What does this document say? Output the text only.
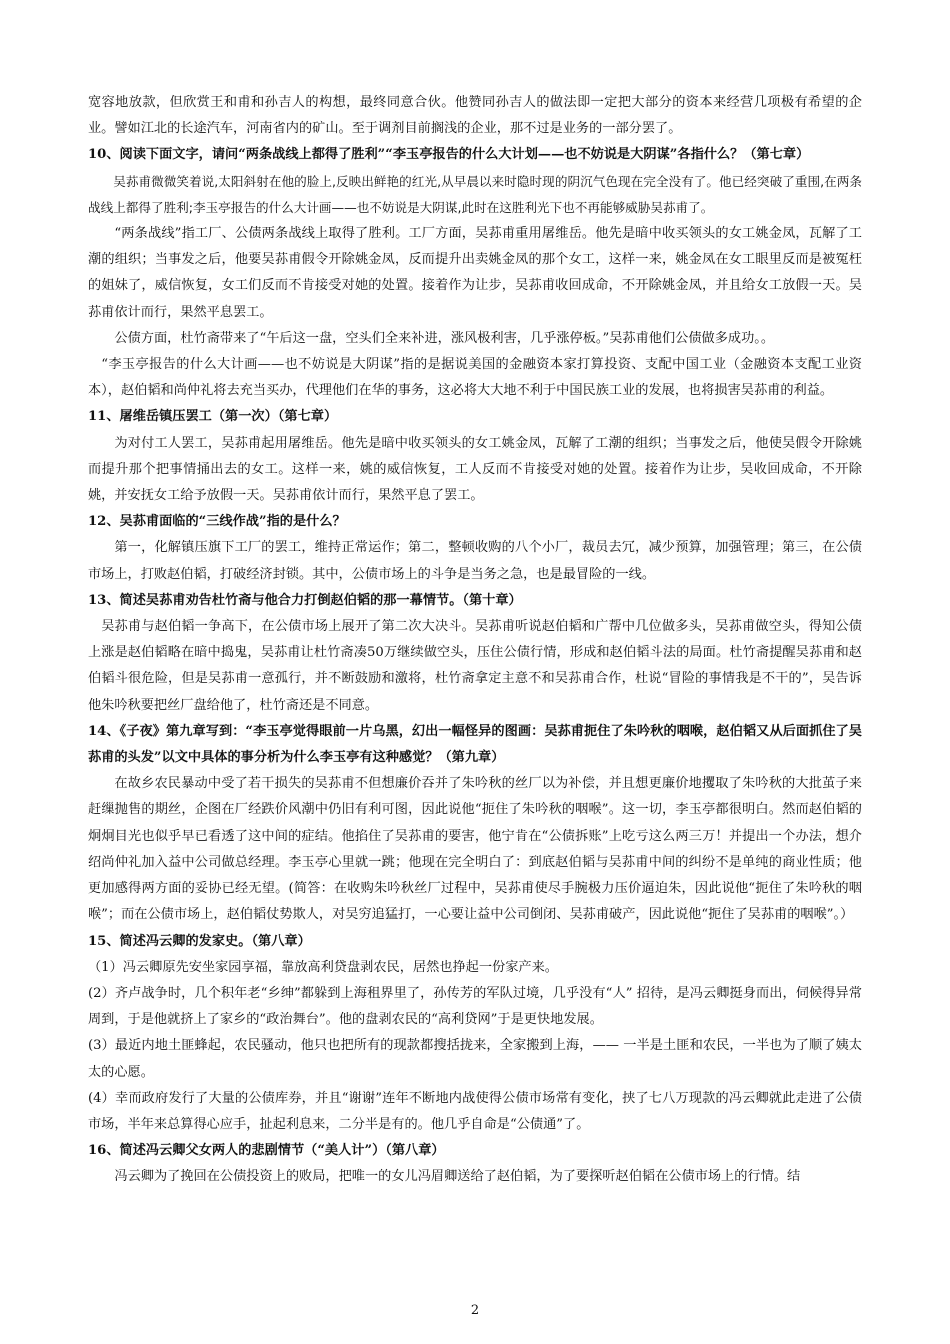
宽容地放款，但欣赏王和甫和孙吉人的构想，最终同意合伙。他赞同孙吉人的做法即一定把大部分的资本来经营几项极有希望的企业。譬如江北的长途汽车，河南省内的矿山。至于调剂目前搁浅的企业，那不过是业务的一部分罢了。

10、阅读下面文字，请问“两条战线上都得了胜利”“李玉亭报告的什么大计划——也不妨说是大阴谋”各指什么？（第七章）

吴荪甫微微笑着说,太阳斜射在他的脸上,反映出鲜艳的红光,从早晨以来时隐时现的阴沉气色现在完全没有了。他已经突破了重围,在两条战线上都得了胜利;李玉亭报告的什么大计画——也不妨说是大阴谋,此时在这胜利光下也不再能够威胁吴荪甫了。

“两条战线”指工厂、公债两条战线上取得了胜利。工厂方面，吴荪甫重用屠维岳。他先是暗中收买领头的女工姚金凤，瓦解了工潮的组织；当事发之后，他要吴荪甫假令开除姚金凤，反而提升出卖姚金凤的那个女工，这样一来，姚金凤在女工眼里反而是被冤枉的姐妹了，威信恢复，女工们反而不肯接受对她的处置。接着作为让步，吴荪甫收回成命，不开除姚金凤，并且给女工放假一天。吴荪甫依计而行，果然平息罢工。

公债方面，杜竹斋带来了“午后这一盘，空头们全来补进，涨风极利害，几乎涨停板。”吴荪甫他们公债做多成功。。

“李玉亭报告的什么大计画——也不妨说是大阴谋”指的是据说美国的金融资本家打算投资、支配中国工业（金融资本支配工业资本），赵伯韬和尚仲礼将去充当买办，代理他们在华的事务，这必将大大地不利于中国民族工业的发展，也将损害吴荪甫的利益。

11、屠维岳镇压罢工（第一次）（第七章）

为对付工人罢工，吴荪甫起用屠维岳。他先是暗中收买领头的女工姚金凤，瓦解了工潮的组织；当事发之后，他使吴假令开除姚而提升那个把事情捅出去的女工。这样一来，姚的威信恢复，工人反而不肯接受对她的处置。接着作为让步，吴收回成命，不开除姚，并安抚女工给予放假一天。吴荪甫依计而行，果然平息了罢工。

12、吴荪甫面临的“三线作战”指的是什么？

第一，化解镇压旗下工厂的罢工，维持正常运作；第二，整顿收购的八个小厂，裁员去冗，减少预算，加强管理；第三，在公债市场上，打败赵伯韬，打破经济封锁。其中，公债市场上的斗争是当务之急，也是最冒险的一线。

13、简述吴荪甫劝告杜竹斋与他合力打倒赵伯韬的那一幕情节。（第十章）

吴荪甫与赵伯韬一争高下，在公债市场上展开了第二次大决斗。吴荪甫听说赵伯韬和广帮中几位做多头，吴荪甫做空头，得知公债上涨是赵伯韬略在暗中捣鬼，吴荪甫让杜竹斋凑50万继续做空头，压住公债行情，形成和赵伯韬斗法的局面。杜竹斋提醒吴荪甫和赵伯韬斗很危险，但是吴荪甫一意孤行，并不断鼓励和激将，杜竹斋拿定主意不和吴荪甫合作，杜说“冒险的事情我是不干的”，吴告诉他朱吟秋要把丝厂盘给他了，杜竹斋还是不同意。

14、《子夜》第九章写到：“李玉亭觉得眼前一片乌黑，幻出一幅怪异的图画：吴荪甫扼住了朱吟秋的咽喉，赵伯韬又从后面抓住了吴荪甫的头发”以文中具体的事分析为什么李玉亭有这种感觉？（第九章）

在故乡农民暴动中受了若干损失的吴荪甫不但想廉价吞并了朱吟秋的丝厂以为补偿，并且想更廉价地攫取了朱吟秋的大批茧子来赶缫抛售的期丝，企图在厂经跌价风潮中仍旧有利可图，因此说他“扼住了朱吟秋的咽喉”。这一切，李玉亭都很明白。然而赵伯韬的炯炯目光也似乎早已看透了这中间的症结。他掐住了吴荪甫的要害，他宁肯在“公债拆账”上吃亏这么两三万！并提出一个办法，想介绍尚仲礼加入益中公司做总经理。李玉亭心里就一跳；他现在完全明白了：到底赵伯韬与吴荪甫中间的纠纷不是单纯的商业性质；他更加感得两方面的妥协已经无望。(简答：在收购朱吟秋丝厂过程中，吴荪甫使尽手腕极力压价逼迫朱，因此说他“扼住了朱吟秋的咽喉”；而在公债市场上，赵伯韬仗势欺人，对吴穷追猛打，一心要让益中公司倒闭、吴荪甫破产，因此说他“扼住了吴荪甫的咽喉”。）

15、简述冯云卿的发家史。（第八章）

（1）冯云卿原先安坐家园享福，靠放高利贷盘剥农民，居然也挣起一份家产来。

(2）齐卢战争时，几个积年老“乡绅”都躲到上海租界里了，孙传芳的军队过境，几乎没有“人” 招待，是冯云卿挺身而出，伺候得异常周到，于是他就挤上了家乡的“政治舞台”。他的盘剥农民的“高利贷网”于是更快地发展。

(3）最近内地土匪蜂起，农民骚动，他只也把所有的现款都搜括拢来，全家搬到上海，—— 一半是土匪和农民，一半也为了顺了姨太太的心愿。

(4）幸而政府发行了大量的公债库券，并且“谢谢”连年不断地内战使得公债市场常有变化，挟了七八万现款的冯云卿就此走进了公债市场，半年来总算得心应手，扯起利息来，二分半是有的。他几乎自命是“公债通”了。

16、简述冯云卿父女两人的悲剧情节（“美人计”）（第八章）

冯云卿为了挽回在公债投资上的败局，把唯一的女儿冯眉卿送给了赵伯韬，为了要探听赵伯韬在公债市场上的行情。结

2
